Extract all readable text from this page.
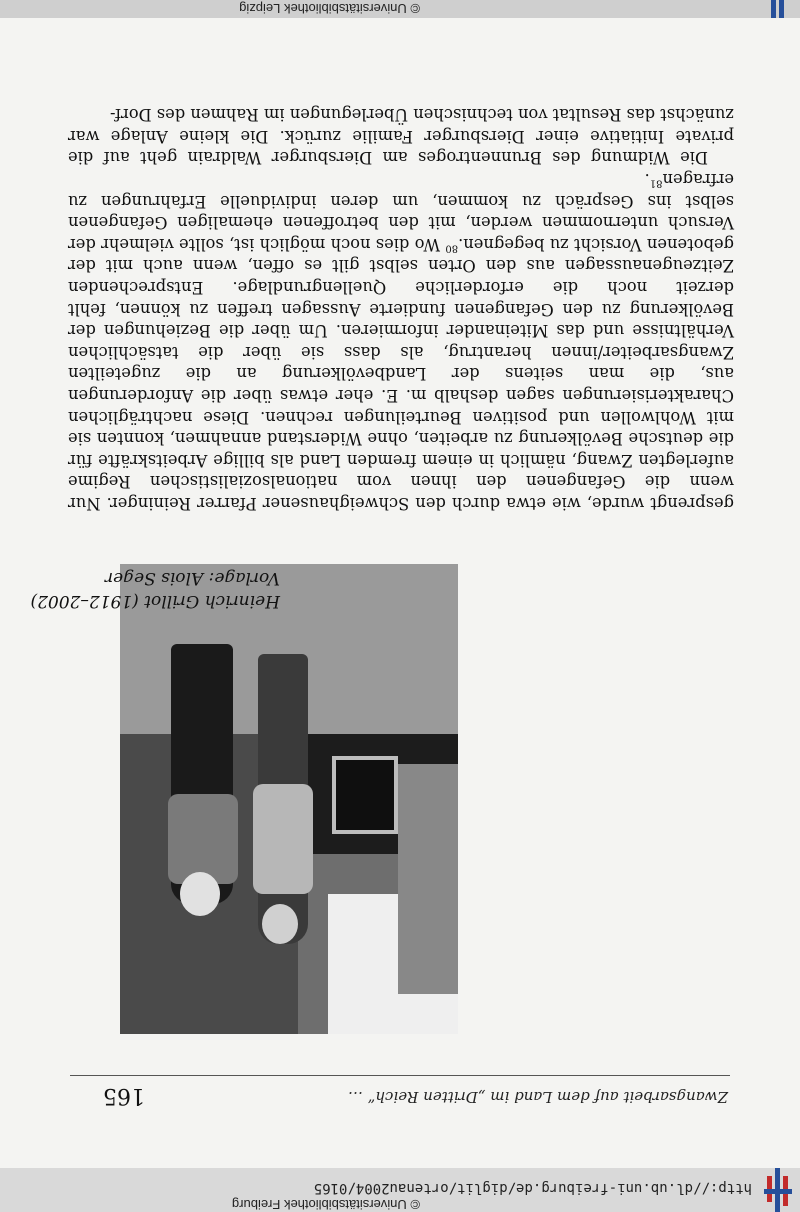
© Universitätsbibliothek Freiburg
http://dl.ub.uni-freiburg.de/diglit/ortenau2004/0165
Zwangsarbeit auf dem Land im „Dritten Reich“ …
165
Heinrich Grillot (1912–2002)
Vorlage: Alois Seger

gesprengt wurde, wie etwa durch den Schweighausener Pfarrer Reininger. Nur wenn die Gefangenen den ihnen vom nationalsozialistischen Regime auferlegten Zwang, nämlich in einem fremden Land als billige Arbeitskräfte für die deutsche Bevölkerung zu arbeiten, ohne Widerstand annahmen, konnten sie mit Wohlwollen und positiven Beurteilungen rechnen. Diese nachträglichen Charakterisierungen sagen deshalb m. E. eher etwas über die Anforderungen aus, die man seitens der Landbevölkerung an die zugeteilten Zwangsarbeiter/innen herantrug, als dass sie über die tatsächlichen Verhältnisse und das Miteinander informieren. Um über die Beziehungen der Bevölkerung zu den Gefangenen fundierte Aussagen treffen zu können, fehlt derzeit noch die erforderliche Quellengrundlage. Entsprechenden Zeitzeugenaussagen aus den Orten selbst gilt es offen, wenn auch mit der gebotenen Vorsicht zu begegnen.$^{80}$ Wo dies noch möglich ist, sollte vielmehr der Versuch unternommen werden, mit den betroffenen ehemaligen Gefangenen selbst ins Gespräch zu kommen, um deren individuelle Erfahrungen zu erfragen$^{81}$.

Die Widmung des Brunnentroges am Diersburger Waldrain geht auf die private Initiative einer Diersburger Familie zurück. Die kleine Anlage war zunächst das Resultat von technischen Überlegungen im Rahmen des Dorf-

© Universitätsbibliothek Leipzig
